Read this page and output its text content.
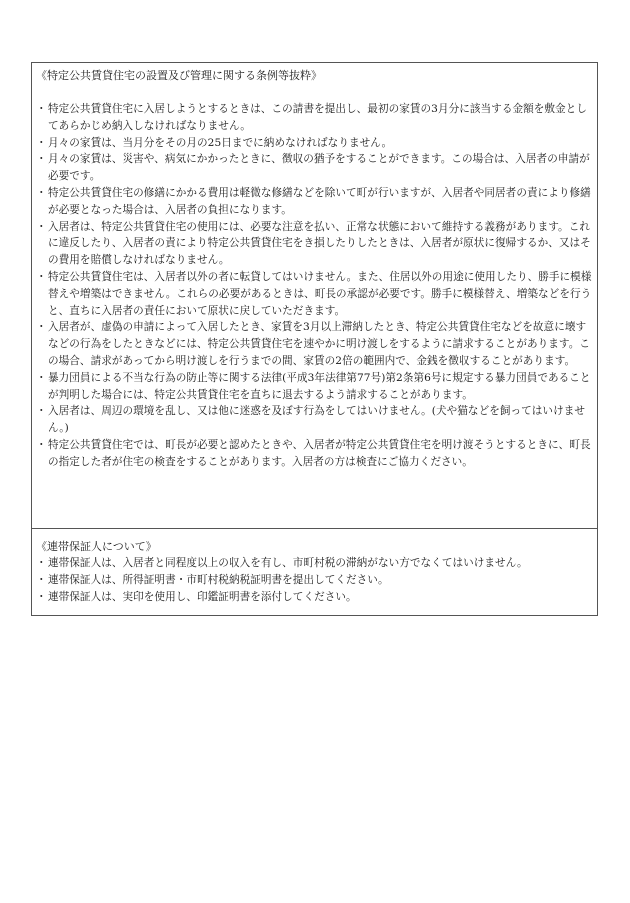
《特定公共賃貸住宅の設置及び管理に関する条例等抜粋》

・ 特定公共賃貸住宅に入居しようとするときは、この請書を提出し、最初の家賃の3月分に該当する金額を敷金としてあらかじめ納入しなければなりません。
・ 月々の家賃は、当月分をその月の25日までに納めなければなりません。
・ 月々の家賃は、災害や、病気にかかったときに、徴収の猶予をすることができます。この場合は、入居者の申請が必要です。
・ 特定公共賃貸住宅の修繕にかかる費用は軽微な修繕などを除いて町が行いますが、入居者や同居者の責により修繕が必要となった場合は、入居者の負担になります。
・ 入居者は、特定公共賃貸住宅の使用には、必要な注意を払い、正常な状態において維持する義務があります。これに違反したり、入居者の責により特定公共賃貸住宅をき損したりしたときは、入居者が原状に復帰するか、又はその費用を賠償しなければなりません。
・ 特定公共賃貸住宅は、入居者以外の者に転貸してはいけません。また、住居以外の用途に使用したり、勝手に模様替えや増築はできません。これらの必要があるときは、町長の承認が必要です。勝手に模様替え、増築などを行うと、直ちに入居者の責任において原状に戻していただきます。
・ 入居者が、虚偽の申請によって入居したとき、家賃を3月以上滞納したとき、特定公共賃貸住宅などを故意に壊すなどの行為をしたときなどには、特定公共賃貸住宅を速やかに明け渡しをするように請求することがあります。この場合、請求があってから明け渡しを行うまでの間、家賃の2倍の範囲内で、金銭を徴収することがあります。
・ 暴力団員による不当な行為の防止等に関する法律(平成3年法律第77号)第2条第6号に規定する暴力団員であることが判明した場合には、特定公共賃貸住宅を直ちに退去するよう請求することがあります。
・ 入居者は、周辺の環境を乱し、又は他に迷惑を及ぼす行為をしてはいけません。(犬や猫などを飼ってはいけません。)
・ 特定公共賃貸住宅では、町長が必要と認めたときや、入居者が特定公共賃貸住宅を明け渡そうとするときに、町長の指定した者が住宅の検査をすることがあります。入居者の方は検査にご協力ください。

《連帯保証人について》

・ 連帯保証人は、入居者と同程度以上の収入を有し、市町村税の滞納がない方でなくてはいけません。
・ 連帯保証人は、所得証明書・市町村税納税証明書を提出してください。
・ 連帯保証人は、実印を使用し、印鑑証明書を添付してください。
